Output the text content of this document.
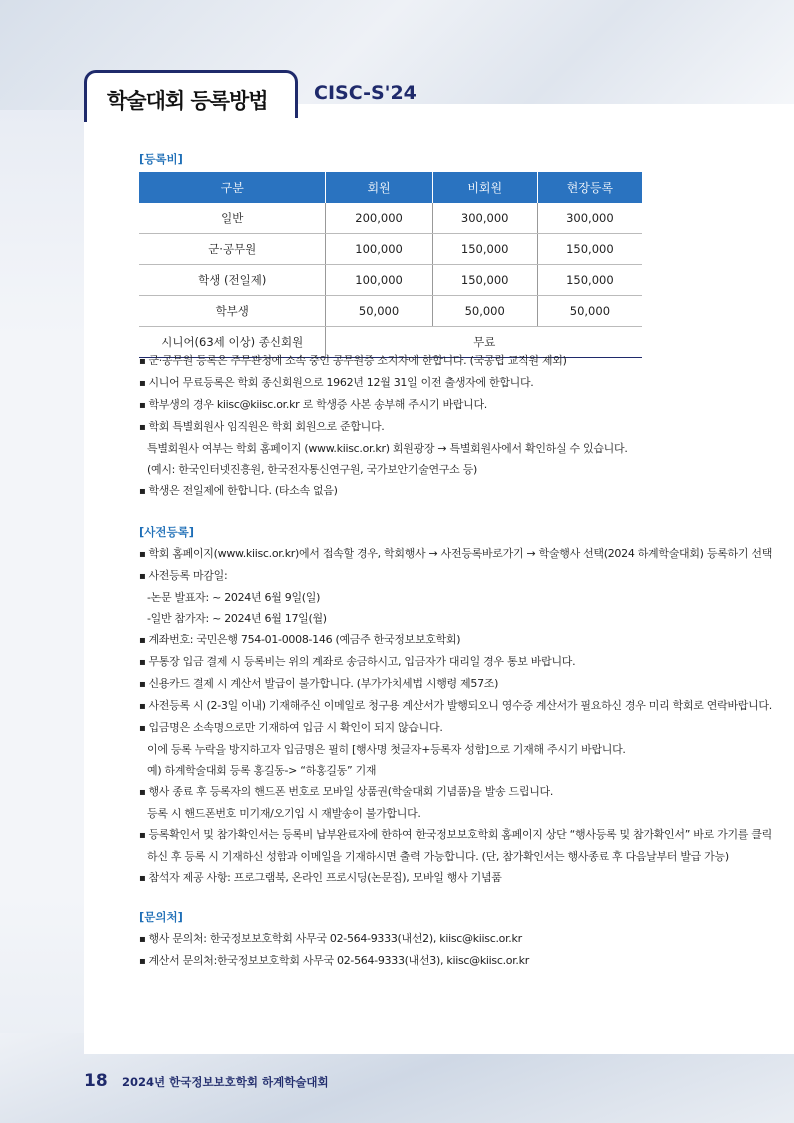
학술대회 등록방법 CISC-S'24
[등록비]
구분	회원	비회원	현장등록
일반	200,000	300,000	300,000
군·공무원	100,000	150,000	150,000
학생 (전일제)	100,000	150,000	150,000
학부생	50,000	50,000	50,000
시니어(63세 이상) 종신회원	무료		
▪ 군·공무원 등록은 주무관청에 소속 중인 공무원증 소지자에 한합니다. (국공립 교직원 제외)
▪ 시니어 무료등록은 학회 종신회원으로 1962년 12월 31일 이전 출생자에 한합니다.
▪ 학부생의 경우 kiisc@kiisc.or.kr 로 학생증 사본 송부해 주시기 바랍니다.
▪ 학회 특별회원사 임직원은 학회 회원으로 준합니다.
특별회원사 여부는 학회 홈페이지 (www.kiisc.or.kr) 회원광장 → 특별회원사에서 확인하실 수 있습니다.
(예시: 한국인터넷진흥원, 한국전자통신연구원, 국가보안기술연구소 등)
▪ 학생은 전일제에 한합니다. (타소속 없음)
[사전등록]
▪ 학회 홈페이지(www.kiisc.or.kr)에서 접속할 경우, 학회행사 → 사전등록바로가기 → 학술행사 선택(2024 하계학술대회) 등록하기 선택
▪ 사전등록 마감일:
-논문 발표자: ~ 2024년 6월 9일(일)
-일반 참가자: ~ 2024년 6월 17일(월)
▪ 계좌번호: 국민은행 754-01-0008-146 (예금주 한국정보보호학회)
▪ 무통장 입금 결제 시 등록비는 위의 계좌로 송금하시고, 입금자가 대리일 경우 통보 바랍니다.
▪ 신용카드 결제 시 계산서 발급이 불가합니다. (부가가치세법 시행령 제57조)
▪ 사전등록 시 (2-3일 이내) 기재해주신 이메일로 청구용 계산서가 발행되오니 영수증 계산서가 필요하신 경우 미리 학회로 연락바랍니다.
▪ 입금명은 소속명으로만 기재하여 입금 시 확인이 되지 않습니다.
이에 등록 누락을 방지하고자 입금명은 필히 [행사명 첫글자+등록자 성함]으로 기재해 주시기 바랍니다.
예) 하계학술대회 등록 홍길동-> “하홍길동” 기재
▪ 행사 종료 후 등록자의 핸드폰 번호로 모바일 상품권(학술대회 기념품)을 발송 드립니다.
등록 시 핸드폰번호 미기재/오기입 시 재발송이 불가합니다.
▪ 등록확인서 및 참가확인서는 등록비 납부완료자에 한하여 한국정보보호학회 홈페이지 상단 “행사등록 및 참가확인서” 바로 가기를 클릭
하신 후 등록 시 기재하신 성함과 이메일을 기재하시면 출력 가능합니다. (단, 참가확인서는 행사종료 후 다음날부터 발급 가능)
▪ 참석자 제공 사항: 프로그램북, 온라인 프로시딩(논문집), 모바일 행사 기념품
[문의처]
▪ 행사 문의처: 한국정보보호학회 사무국 02-564-9333(내선2), kiisc@kiisc.or.kr
▪ 계산서 문의처:한국정보보호학회 사무국 02-564-9333(내선3), kiisc@kiisc.or.kr
18 2024년 한국정보보호학회 하계학술대회
